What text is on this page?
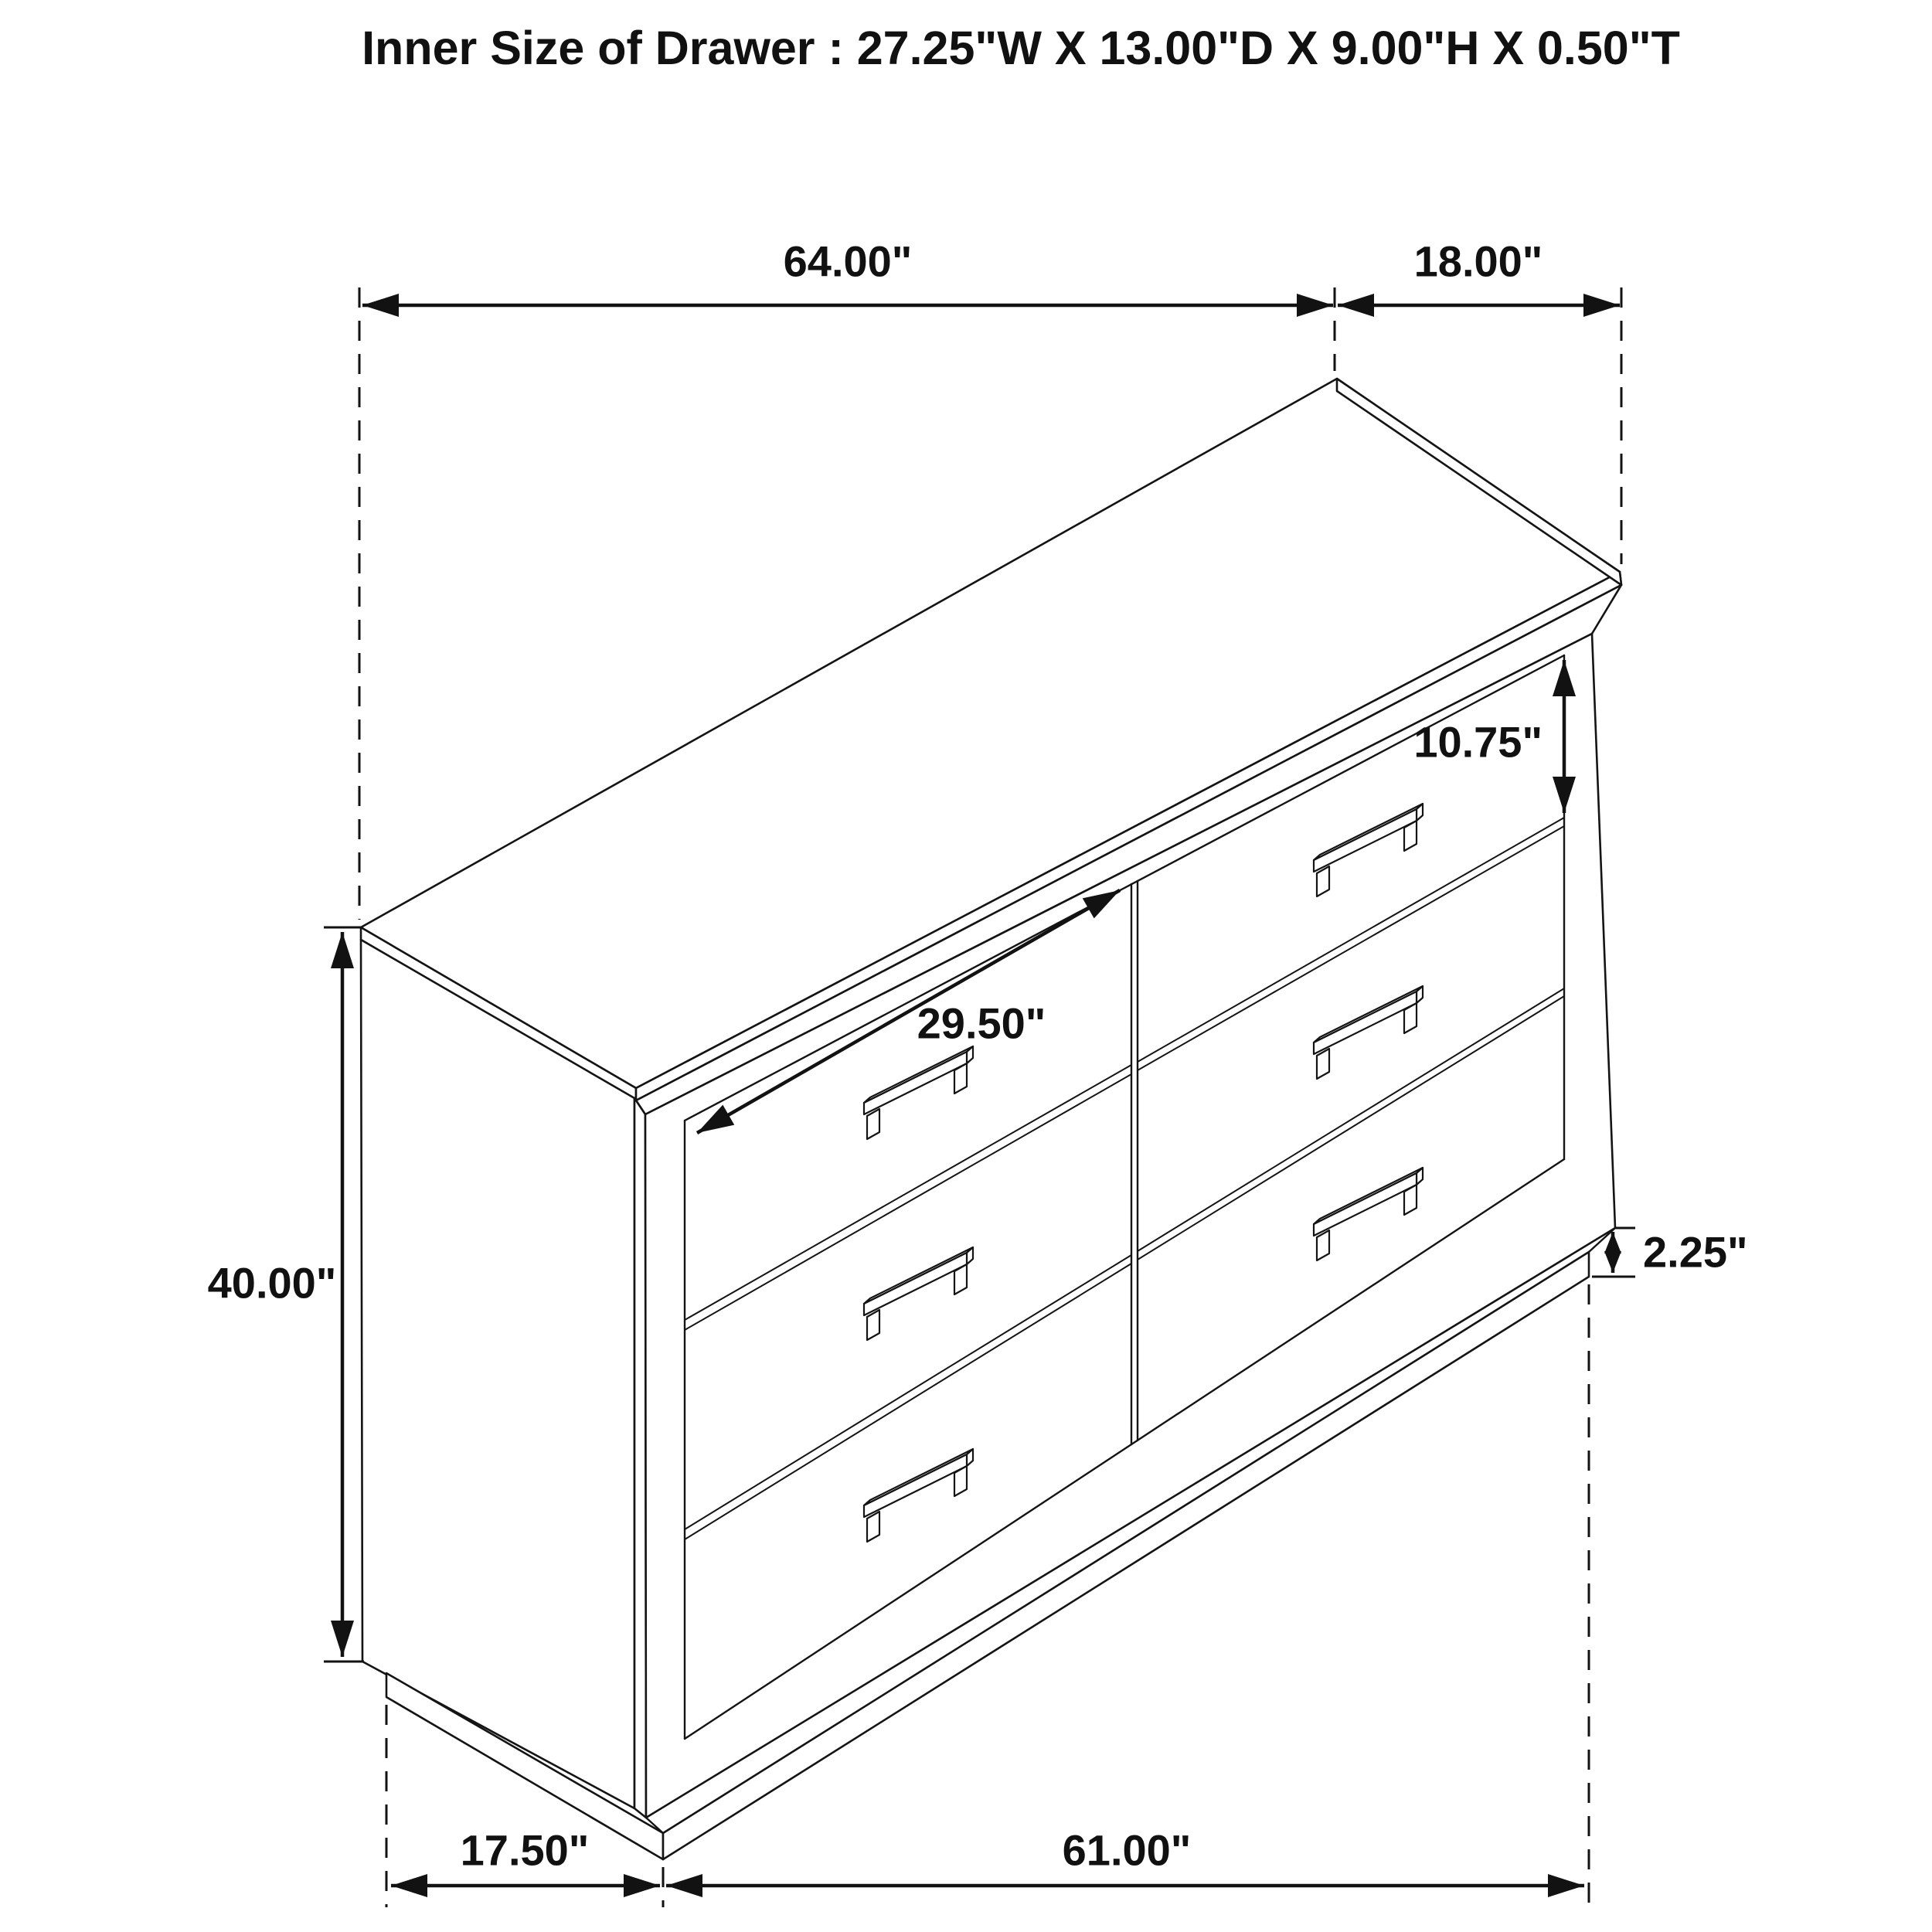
64.00"	18.00"
40.00"
10.75"
29.50"
2.25"
17.50"	61.00"
Inner Size of Drawer : 27.25"W X 13.00"D X 9.00"H X 0.50"T
